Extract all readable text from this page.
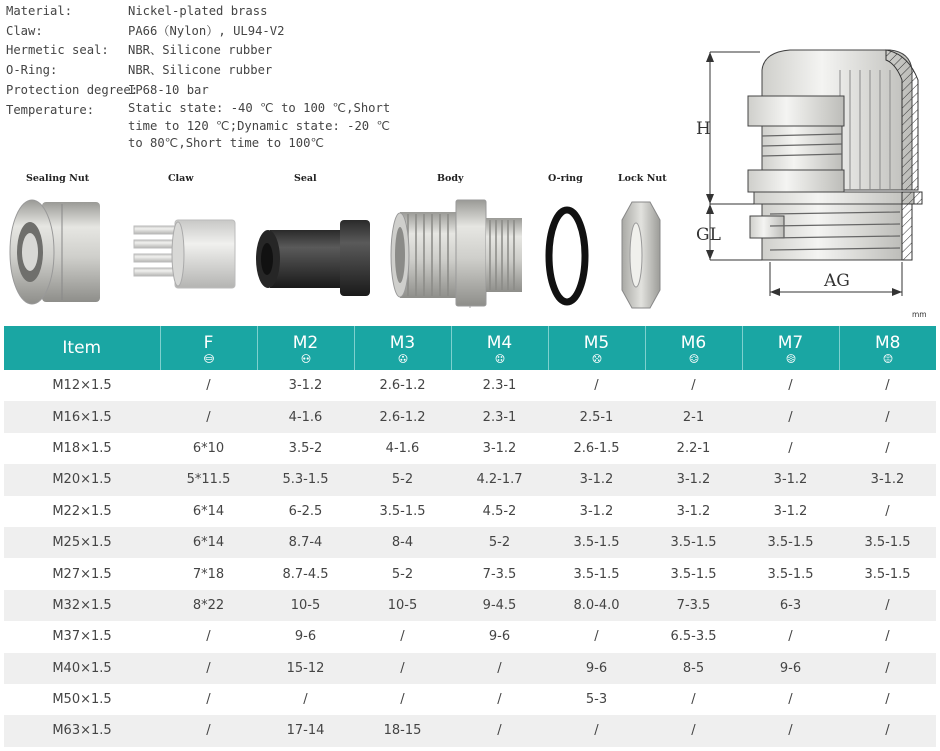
Material:	Nickel-plated brass
Claw:	PA66（Nylon）, UL94-V2
Hermetic seal:	NBR、Silicone rubber
O-Ring:	NBR、Silicone rubber
Protection degree:
IP68-10 bar
Temperature:	Static state: -40 ℃ to 100 ℃,Short time to 120 ℃;Dynamic state: -20 ℃ to 80℃,Short time to 100℃
Sealing Nut	Claw	Seal	Body	O-ring	Lock Nut
H
GL
AG
mm
Item	F	M2	M3	M4	M5	M6	M7	M8

M12×1.5	/	3-1.2	2.6-1.2	2.3-1	/	/	/	/
M16×1.5	/	4-1.6	2.6-1.2	2.3-1	2.5-1	2-1	/	/
M18×1.5	6*10	3.5-2	4-1.6	3-1.2	2.6-1.5	2.2-1	/	/
M20×1.5	5*11.5	5.3-1.5	5-2	4.2-1.7	3-1.2	3-1.2	3-1.2	3-1.2
M22×1.5	6*14	6-2.5	3.5-1.5	4.5-2	3-1.2	3-1.2	3-1.2	/
M25×1.5	6*14	8.7-4	8-4	5-2	3.5-1.5	3.5-1.5	3.5-1.5	3.5-1.5
M27×1.5	7*18	8.7-4.5	5-2	7-3.5	3.5-1.5	3.5-1.5	3.5-1.5	3.5-1.5
M32×1.5	8*22	10-5	10-5	9-4.5	8.0-4.0	7-3.5	6-3	/
M37×1.5	/	9-6	/	9-6	/	6.5-3.5	/	/
M40×1.5	/	15-12	/	/	9-6	8-5	9-6	/
M50×1.5	/	/	/	/	5-3	/	/	/
M63×1.5	/	17-14	18-15	/	/	/	/	/
